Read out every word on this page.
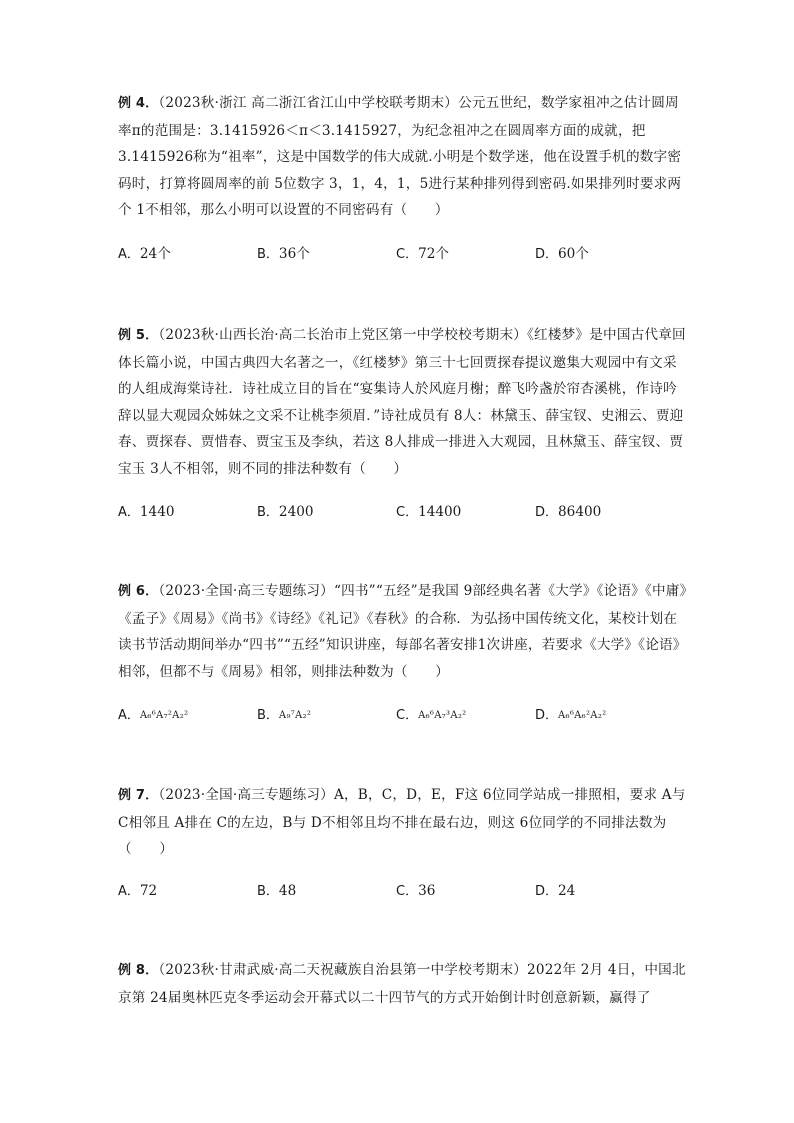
例 4．（2023秋·浙江 高二浙江省江山中学校联考期末）公元五世纪，数学家祖冲之估计圆周率π的范围是：3.1415926＜π＜3.1415927，为纪念祖冲之在圆周率方面的成就，把3.1415926称为“祖率”，这是中国数学的伟大成就.小明是个数学迷，他在设置手机的数字密码时，打算将圆周率的前 5位数字 3，1，4，1，5进行某种排列得到密码.如果排列时要求两个 1不相邻，那么小明可以设置的不同密码有（　　）

A．24个	B．36个	C．72个	D．60个

例 5．（2023秋·山西长治·高二长治市上党区第一中学校校考期末）《红楼梦》是中国古代章回体长篇小说，中国古典四大名著之一，《红楼梦》第三十七回贾探春提议邀集大观园中有文采的人组成海棠诗社．诗社成立目的旨在“宴集诗人於风庭月榭；醉飞吟盏於帘杏溪桃，作诗吟辞以显大观园众姊妹之文采不让桃李须眉．”诗社成员有 8人：林黛玉、薛宝钗、史湘云、贾迎春、贾探春、贾惜春、贾宝玉及李纨，若这 8人排成一排进入大观园，且林黛玉、薛宝钗、贾宝玉 3人不相邻，则不同的排法种数有（　　）

A．1440	B．2400	C．14400	D．86400

例 6．（2023·全国·高三专题练习）“四书”“五经”是我国 9部经典名著《大学》《论语》《中庸》《孟子》《周易》《尚书》《诗经》《礼记》《春秋》的合称．为弘扬中国传统文化，某校计划在读书节活动期间举办“四书”“五经”知识讲座，每部名著安排1次讲座，若要求《大学》《论语》相邻，但都不与《周易》相邻，则排法种数为（　　）

A．A₆⁶A₇²A₂²	B．A₉⁷A₂²	C．A₆⁶A₇³A₂²	D．A₆⁶A₆²A₂²

例 7．（2023·全国·高三专题练习）A，B，C，D，E，F这 6位同学站成一排照相，要求 A与 C相邻且 A排在 C的左边，B与 D不相邻且均不排在最右边，则这 6位同学的不同排法数为（　　）

A．72	B．48	C．36	D．24

例 8．（2023秋·甘肃武威·高二天祝藏族自治县第一中学校考期末）2022年 2月 4日，中国北京第 24届奥林匹克冬季运动会开幕式以二十四节气的方式开始倒计时创意新颖，赢得了
